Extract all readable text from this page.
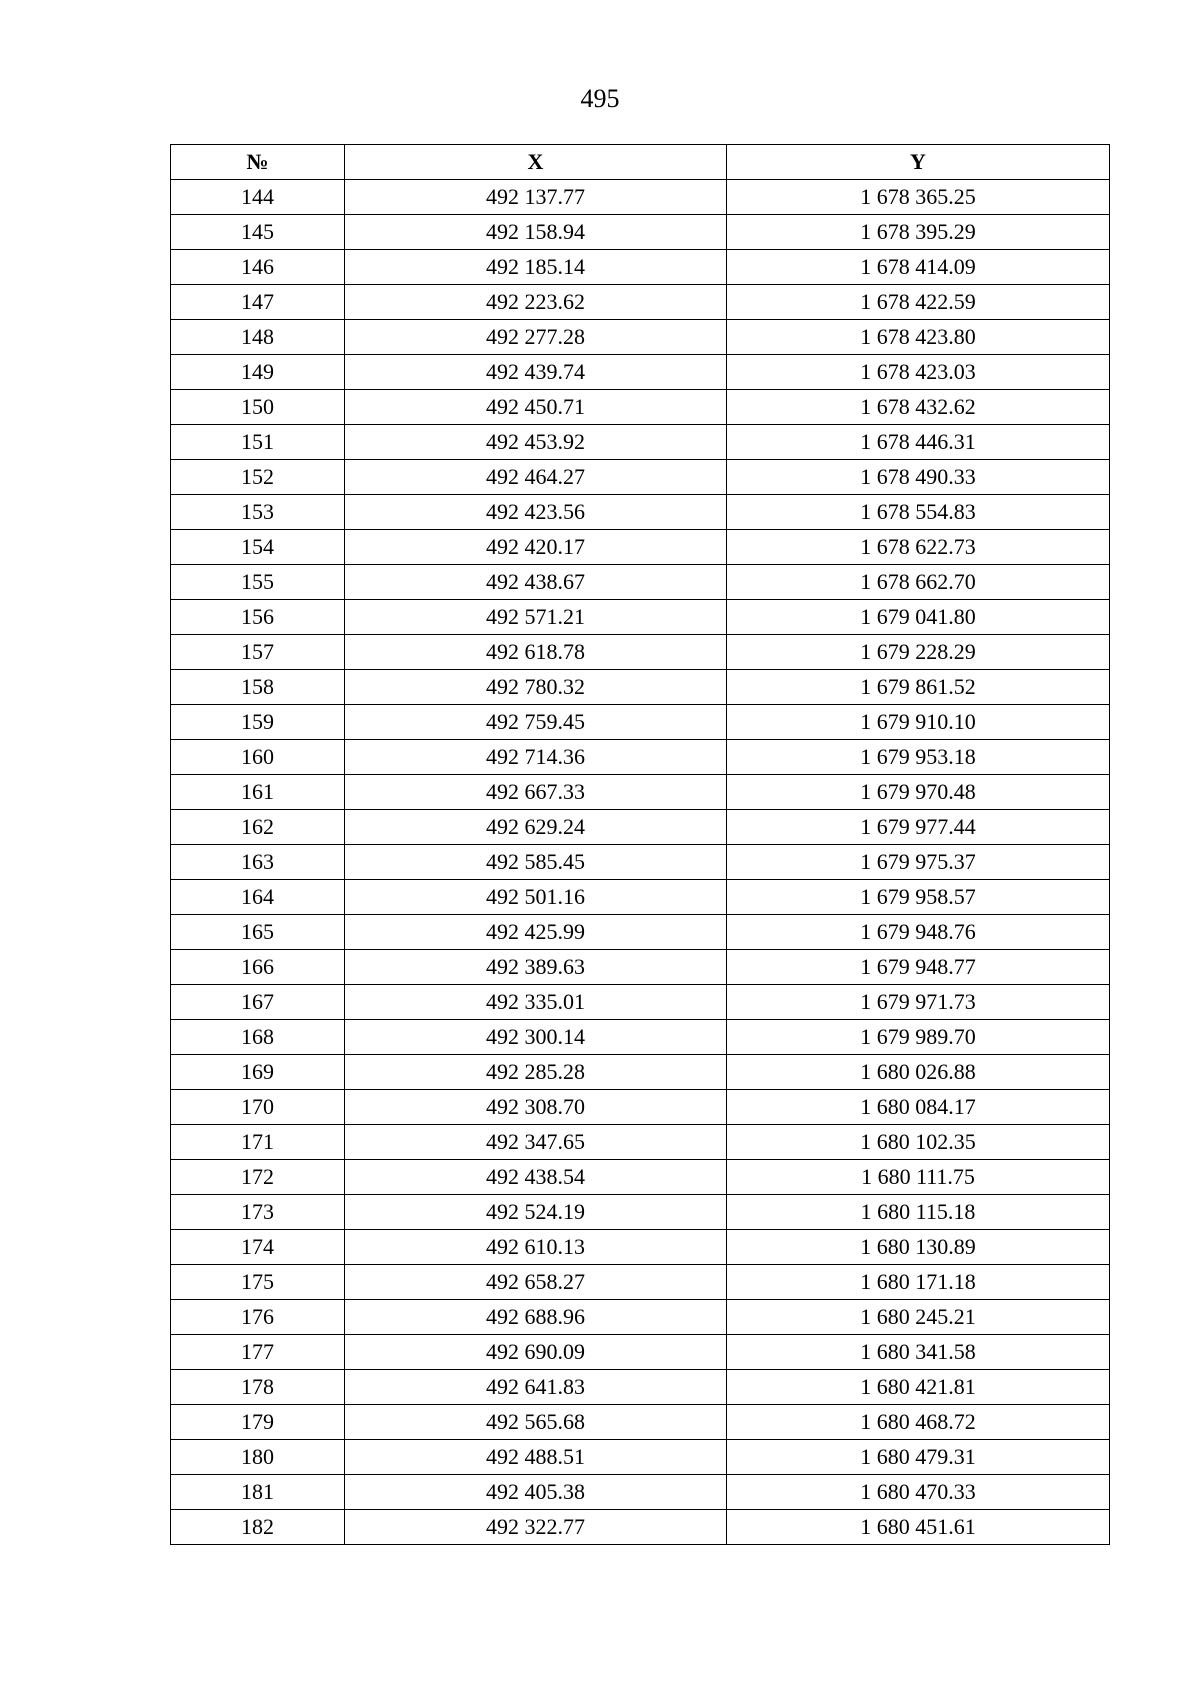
495
№	X	Y
144	492 137.77	1 678 365.25
145	492 158.94	1 678 395.29
146	492 185.14	1 678 414.09
147	492 223.62	1 678 422.59
148	492 277.28	1 678 423.80
149	492 439.74	1 678 423.03
150	492 450.71	1 678 432.62
151	492 453.92	1 678 446.31
152	492 464.27	1 678 490.33
153	492 423.56	1 678 554.83
154	492 420.17	1 678 622.73
155	492 438.67	1 678 662.70
156	492 571.21	1 679 041.80
157	492 618.78	1 679 228.29
158	492 780.32	1 679 861.52
159	492 759.45	1 679 910.10
160	492 714.36	1 679 953.18
161	492 667.33	1 679 970.48
162	492 629.24	1 679 977.44
163	492 585.45	1 679 975.37
164	492 501.16	1 679 958.57
165	492 425.99	1 679 948.76
166	492 389.63	1 679 948.77
167	492 335.01	1 679 971.73
168	492 300.14	1 679 989.70
169	492 285.28	1 680 026.88
170	492 308.70	1 680 084.17
171	492 347.65	1 680 102.35
172	492 438.54	1 680 111.75
173	492 524.19	1 680 115.18
174	492 610.13	1 680 130.89
175	492 658.27	1 680 171.18
176	492 688.96	1 680 245.21
177	492 690.09	1 680 341.58
178	492 641.83	1 680 421.81
179	492 565.68	1 680 468.72
180	492 488.51	1 680 479.31
181	492 405.38	1 680 470.33
182	492 322.77	1 680 451.61
